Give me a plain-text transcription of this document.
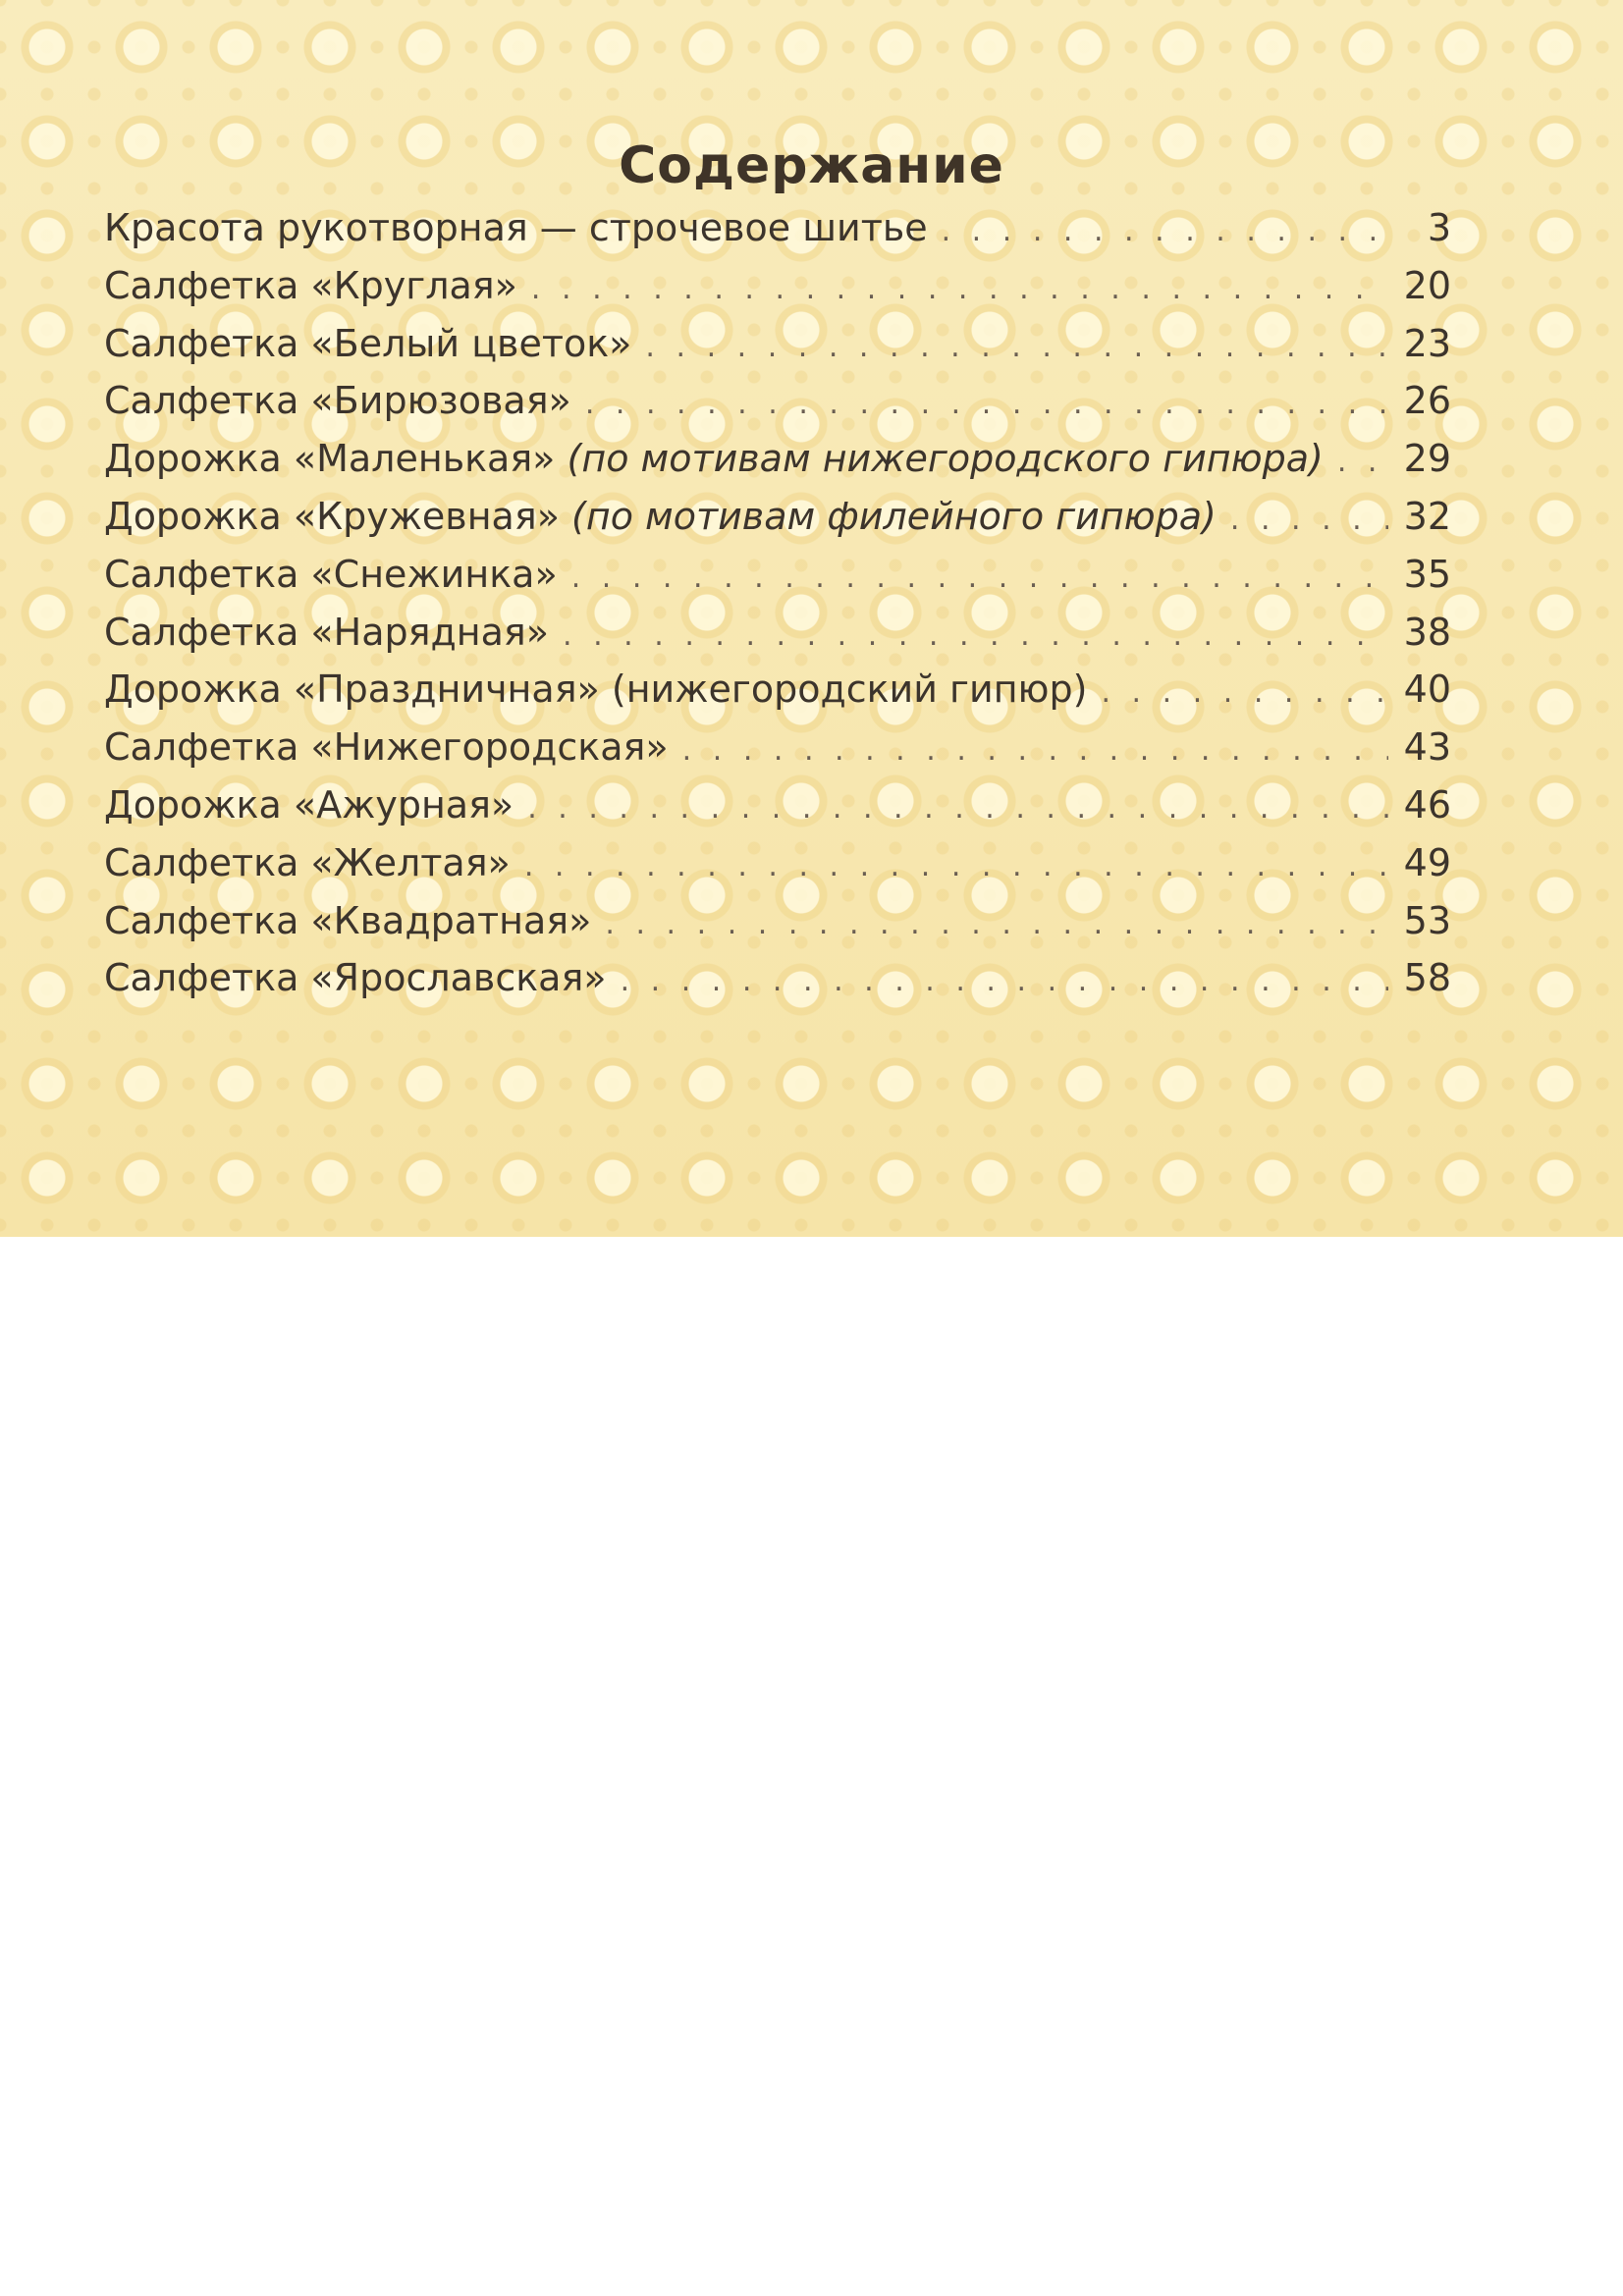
Содержание
Красота рукотворная — строчевое шитье . . .	3
Салфетка «Круглая» . . .	20
Салфетка «Белый цветок» . . .	23
Салфетка «Бирюзовая» . . .	26
Дорожка «Маленькая» (по мотивам нижегородского гипюра) . . . 29
Дорожка «Кружевная» (по мотивам филейного гипюра) . . .	32
Салфетка «Снежинка» . . .	35
Салфетка «Нарядная» . . .	38
Дорожка «Праздничная» (нижегородский гипюр) . . .	40
Салфетка «Нижегородская» . . .	43
Дорожка «Ажурная» . . .	46
Салфетка «Желтая» . . .	49
Салфетка «Квадратная» . . .	53
Салфетка «Ярославская» . . .	58
